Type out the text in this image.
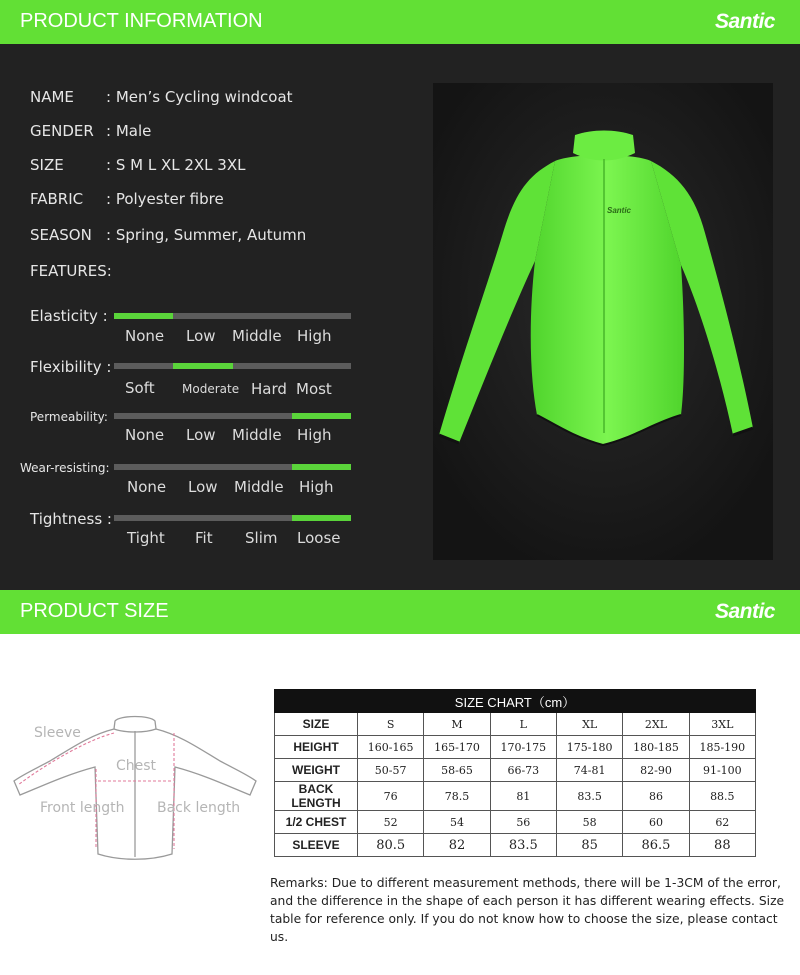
PRODUCT INFORMATION	Santic
NAME : Men’s Cycling windcoat
GENDER : Male
SIZE	: S M L XL 2XL 3XL
FABRIC : Polyester fibre
SEASON : Spring, Summer, Autumn
FEATURES:
Elasticity :
None Low Middle High
Flexibility :
Soft Moderate Hard Most
Permeability:
None Low Middle High
Wear-resisting:
None Low Middle High
Tightness :
Tight Fit Slim Loose
Santic
PRODUCT SIZE	Santic
Sleeve
Chest
Front length Back length
SIZE CHART（cm）						
SIZE	S	M	L	XL	2XL	3XL
HEIGHT	160-165	165-170	170-175	175-180	180-185	185-190
WEIGHT	50-57	58-65	66-73	74-81	82-90	91-100
BACK LENGTH	76	78.5	81	83.5	86	88.5
1/2 CHEST	52	54	56	58	60	62
SLEEVE	80.5	82	83.5	85	86.5	88
Remarks: Due to different measurement methods, there will be 1-3CM of the error, and the difference in the shape of each person it has different wearing effects. Size table for reference only. If you do not know how to choose the size, please contact us.
